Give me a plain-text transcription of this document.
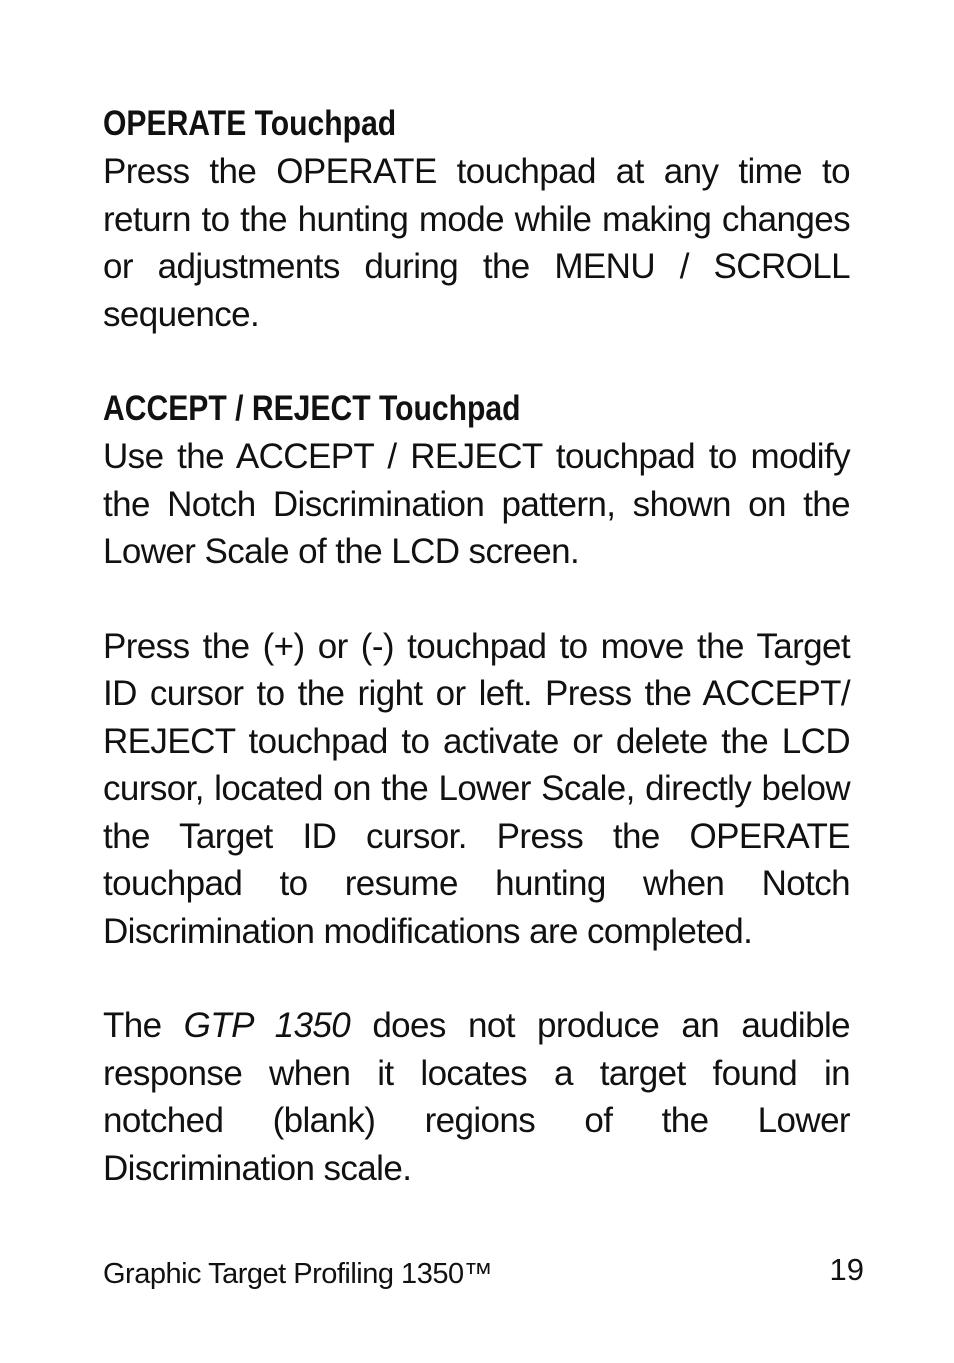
OPERATE Touchpad

Press the OPERATE touchpad at any time to return to the hunting mode while making changes or adjustments during the MENU / SCROLL sequence.

ACCEPT / REJECT Touchpad

Use the ACCEPT / REJECT touchpad to modify the Notch Discrimination pattern, shown on the Lower Scale of the LCD screen.

Press the (+) or (-) touchpad to move the Target ID cursor to the right or left. Press the ACCEPT/ REJECT touchpad to activate or delete the LCD cursor, located on the Lower Scale, directly below the Target ID cursor. Press the OPERATE touchpad to resume hunting when Notch Discrimination modifications are completed.

The GTP 1350 does not produce an audible response when it locates a target found in notched (blank) regions of the Lower Discrimination scale.

Graphic Target Profiling 1350™	19
